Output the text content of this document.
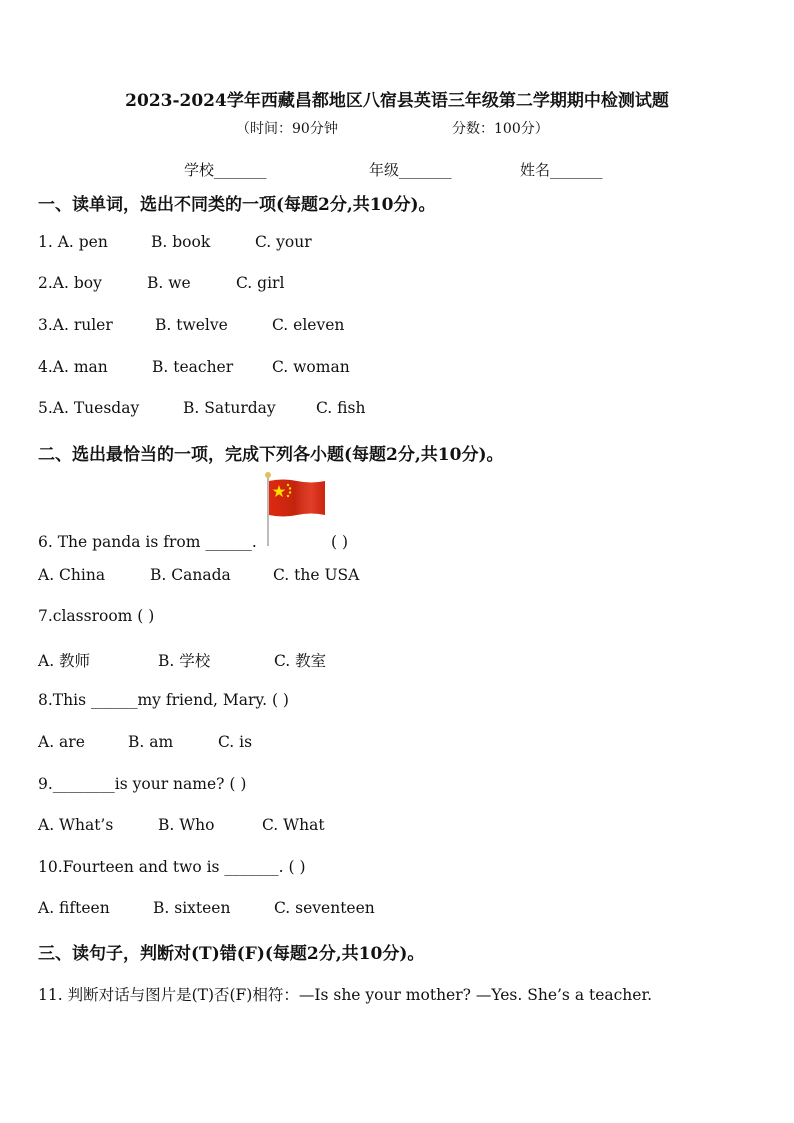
2023-2024学年西藏昌都地区八宿县英语三年级第二学期期中检测试题
（时间：90分钟	分数：100分）
学校_______	年级_______	姓名_______
一、读单词，选出不同类的一项(每题2分,共10分)。
1. A. pen	B. book	C. your
2.A. boy	B. we	C. girl
3.A. ruler	B. twelve	C. eleven
4.A. man	B. teacher	C. woman
5.A. Tuesday	B. Saturday	C. fish
二、选出最恰当的一项，完成下列各小题(每题2分,共10分)。
6. The panda is from ______.	( )
A. China	B. Canada	C. the USA
7.classroom ( )
A. 教师	B. 学校	C. 教室
8.This ______my friend, Mary. ( )
A. are	B. am	C. is
9.________is your name? ( )
A. What’s	B. Who	C. What
10.Fourteen and two is _______. ( )
A. fifteen	B. sixteen	C. seventeen
三、读句子，判断对(T)错(F)(每题2分,共10分)。
11. 判断对话与图片是(T)否(F)相符：—Is she your mother? —Yes. She’s a teacher.
